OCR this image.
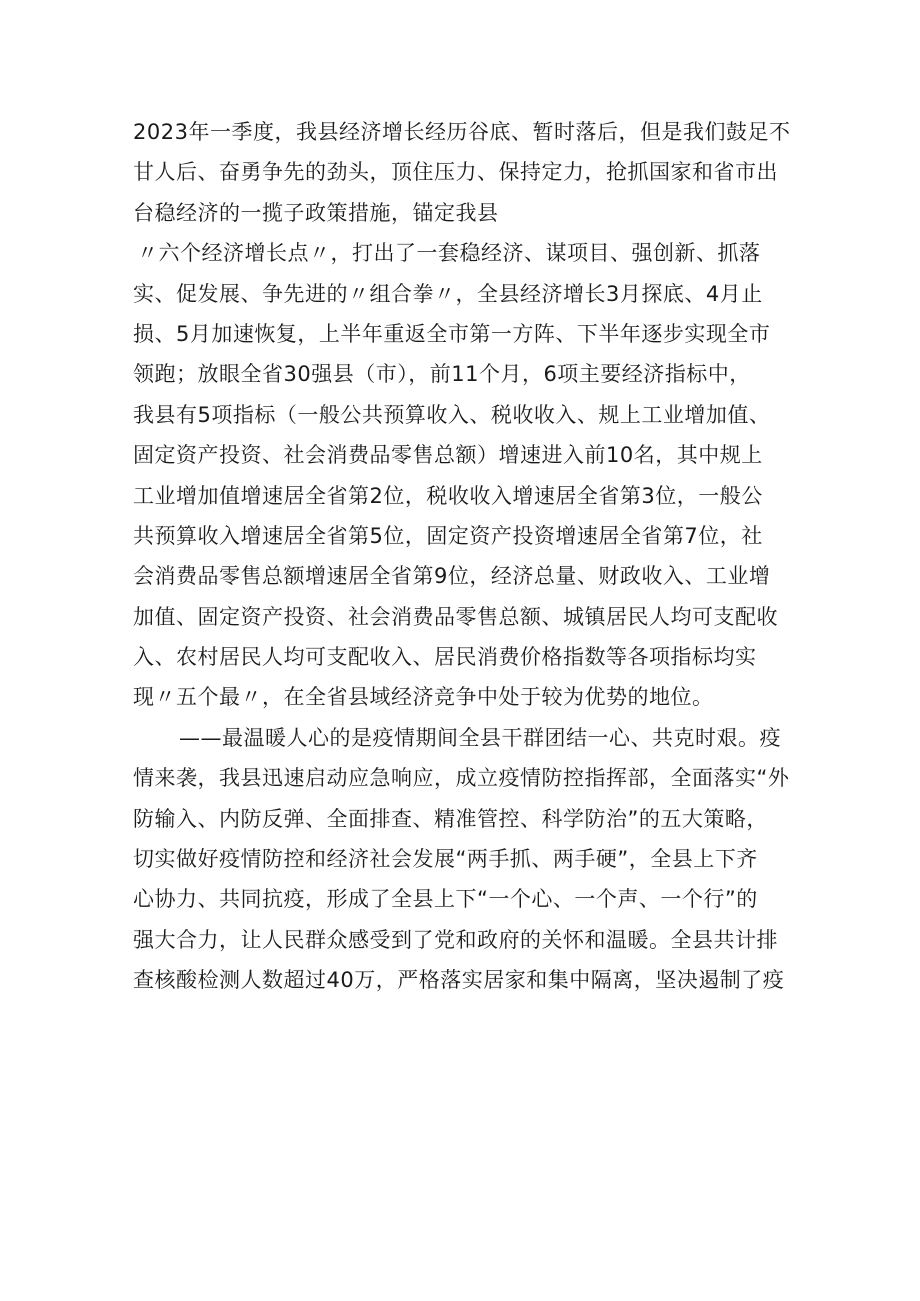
2023年一季度，我县经济增长经历谷底、暂时落后，但是我们鼓足不
甘人后、奋勇争先的劲头，顶住压力、保持定力，抢抓国家和省市出
台稳经济的一揽子政策措施，锚定我县
〃六个经济增长点〃，打出了一套稳经济、谋项目、强创新、抓落
实、促发展、争先进的〃组合拳〃，全县经济增长3月探底、4月止
损、5月加速恢复，上半年重返全市第一方阵、下半年逐步实现全市
领跑；放眼全省30强县（市），前11个月，6项主要经济指标中，
我县有5项指标（一般公共预算收入、税收收入、规上工业增加值、
固定资产投资、社会消费品零售总额）增速进入前10名，其中规上
工业增加值增速居全省第2位，税收收入增速居全省第3位，一般公
共预算收入增速居全省第5位，固定资产投资增速居全省第7位，社
会消费品零售总额增速居全省第9位，经济总量、财政收入、工业增
加值、固定资产投资、社会消费品零售总额、城镇居民人均可支配收
入、农村居民人均可支配收入、居民消费价格指数等各项指标均实
现〃五个最〃，在全省县域经济竞争中处于较为优势的地位。
——最温暖人心的是疫情期间全县干群团结一心、共克时艰。疫
情来袭，我县迅速启动应急响应，成立疫情防控指挥部，全面落实“外
防输入、内防反弹、全面排查、精准管控、科学防治”的五大策略，
切实做好疫情防控和经济社会发展“两手抓、两手硬”，全县上下齐
心协力、共同抗疫，形成了全县上下“一个心、一个声、一个行”的
强大合力，让人民群众感受到了党和政府的关怀和温暖。全县共计排
查核酸检测人数超过40万，严格落实居家和集中隔离，坚决遏制了疫
